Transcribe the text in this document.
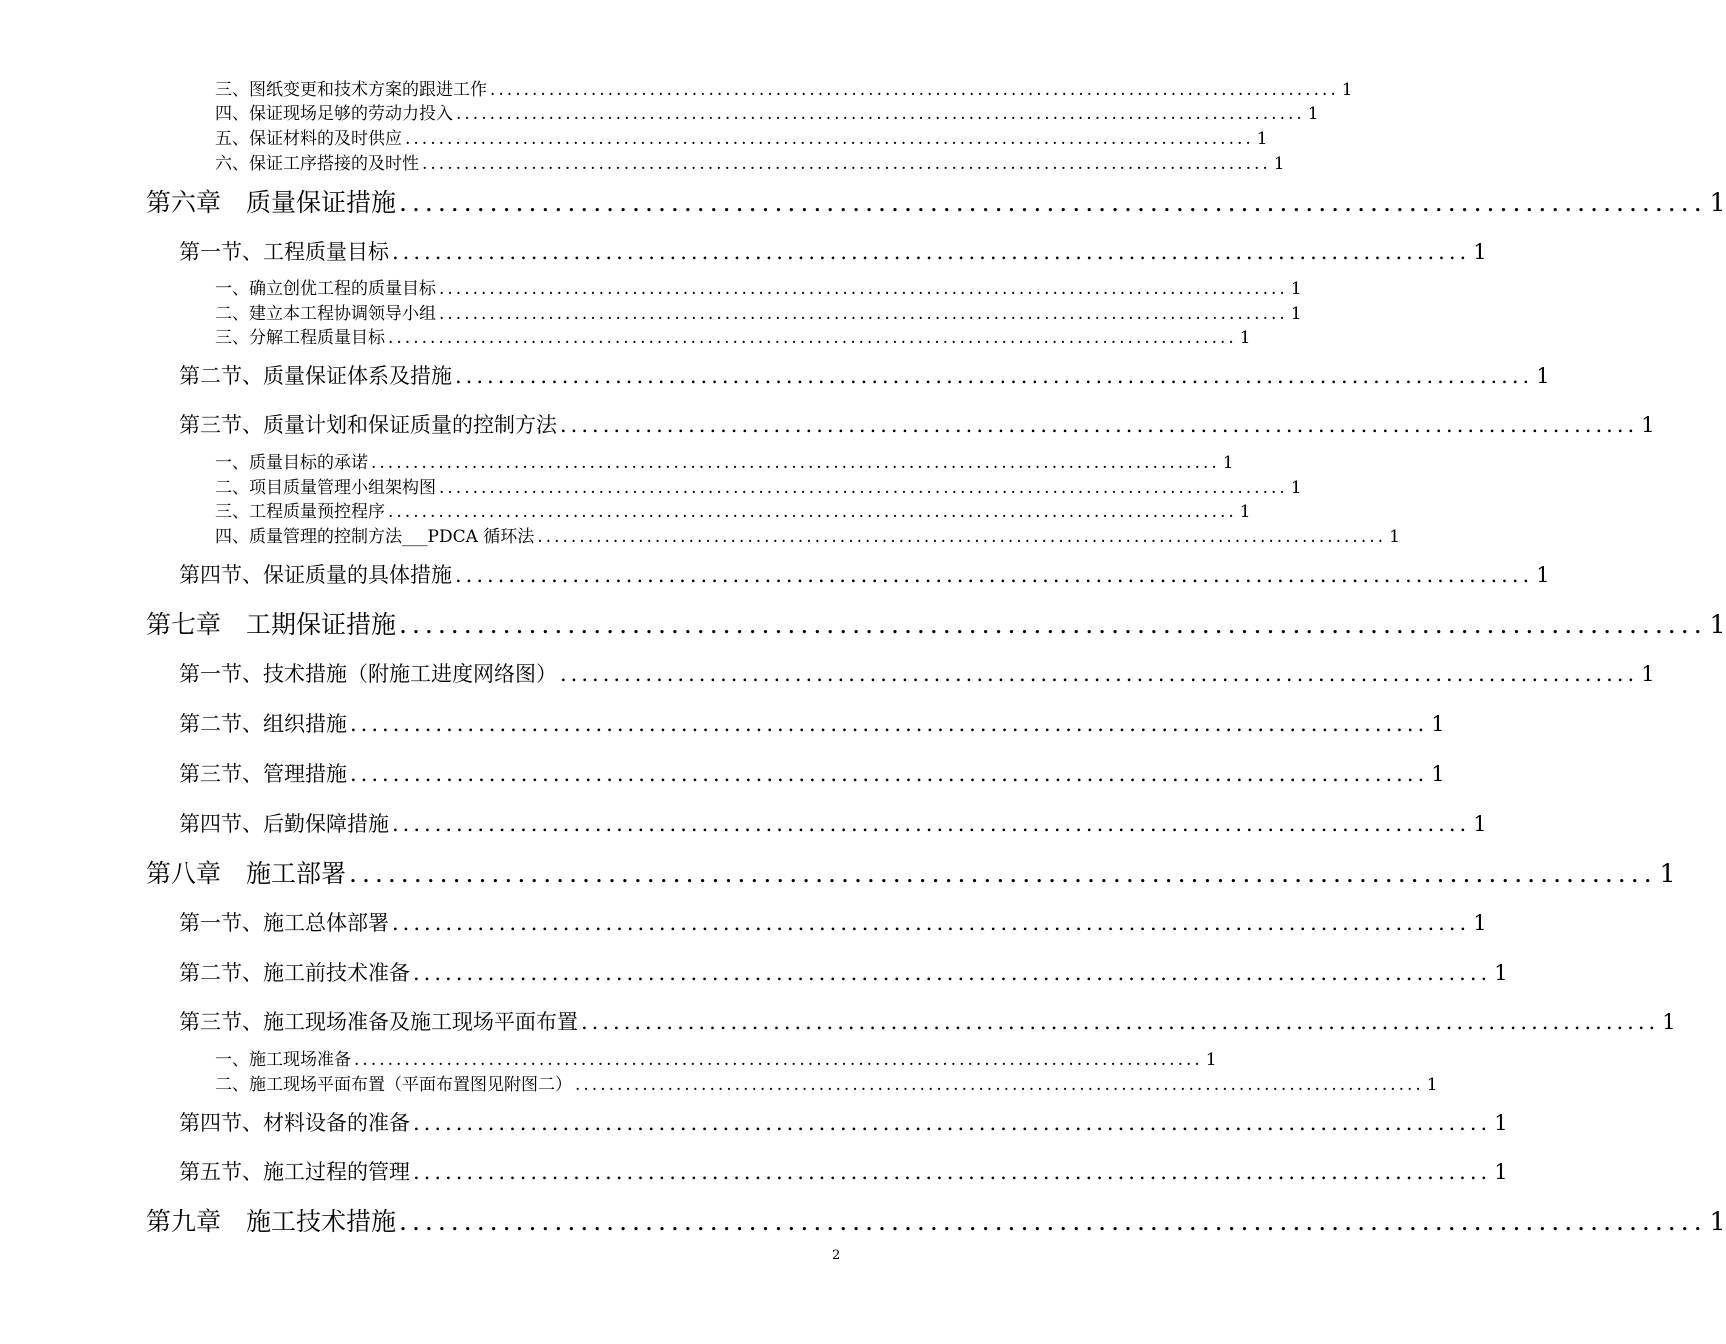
三、图纸变更和技术方案的跟进工作 ..................................................................................................... 1
四、保证现场足够的劳动力投入 ..................................................................................................... 1
五、保证材料的及时供应 ..................................................................................................... 1
六、保证工序搭接的及时性 ..................................................................................................... 1
第六章　质量保证措施 ..................................................................................................... 1
第一节、工程质量目标 ..................................................................................................... 1
一、确立创优工程的质量目标 ..................................................................................................... 1
二、建立本工程协调领导小组 ..................................................................................................... 1
三、分解工程质量目标 ..................................................................................................... 1
第二节、质量保证体系及措施 ..................................................................................................... 1
第三节、质量计划和保证质量的控制方法 ..................................................................................................... 1
一、质量目标的承诺 ..................................................................................................... 1
二、项目质量管理小组架构图 ..................................................................................................... 1
三、工程质量预控程序 ..................................................................................................... 1
四、质量管理的控制方法___PDCA 循环法 ..................................................................................................... 1
第四节、保证质量的具体措施 ..................................................................................................... 1
第七章　工期保证措施 ..................................................................................................... 1
第一节、技术措施（附施工进度网络图） ..................................................................................................... 1
第二节、组织措施 ..................................................................................................... 1
第三节、管理措施 ..................................................................................................... 1
第四节、后勤保障措施 ..................................................................................................... 1
第八章　施工部署 ..................................................................................................... 1
第一节、施工总体部署 ..................................................................................................... 1
第二节、施工前技术准备 ..................................................................................................... 1
第三节、施工现场准备及施工现场平面布置 ..................................................................................................... 1
一、施工现场准备 ..................................................................................................... 1
二、施工现场平面布置（平面布置图见附图二） ..................................................................................................... 1
第四节、材料设备的准备 ..................................................................................................... 1
第五节、施工过程的管理 ..................................................................................................... 1
第九章　施工技术措施 ..................................................................................................... 1
2
